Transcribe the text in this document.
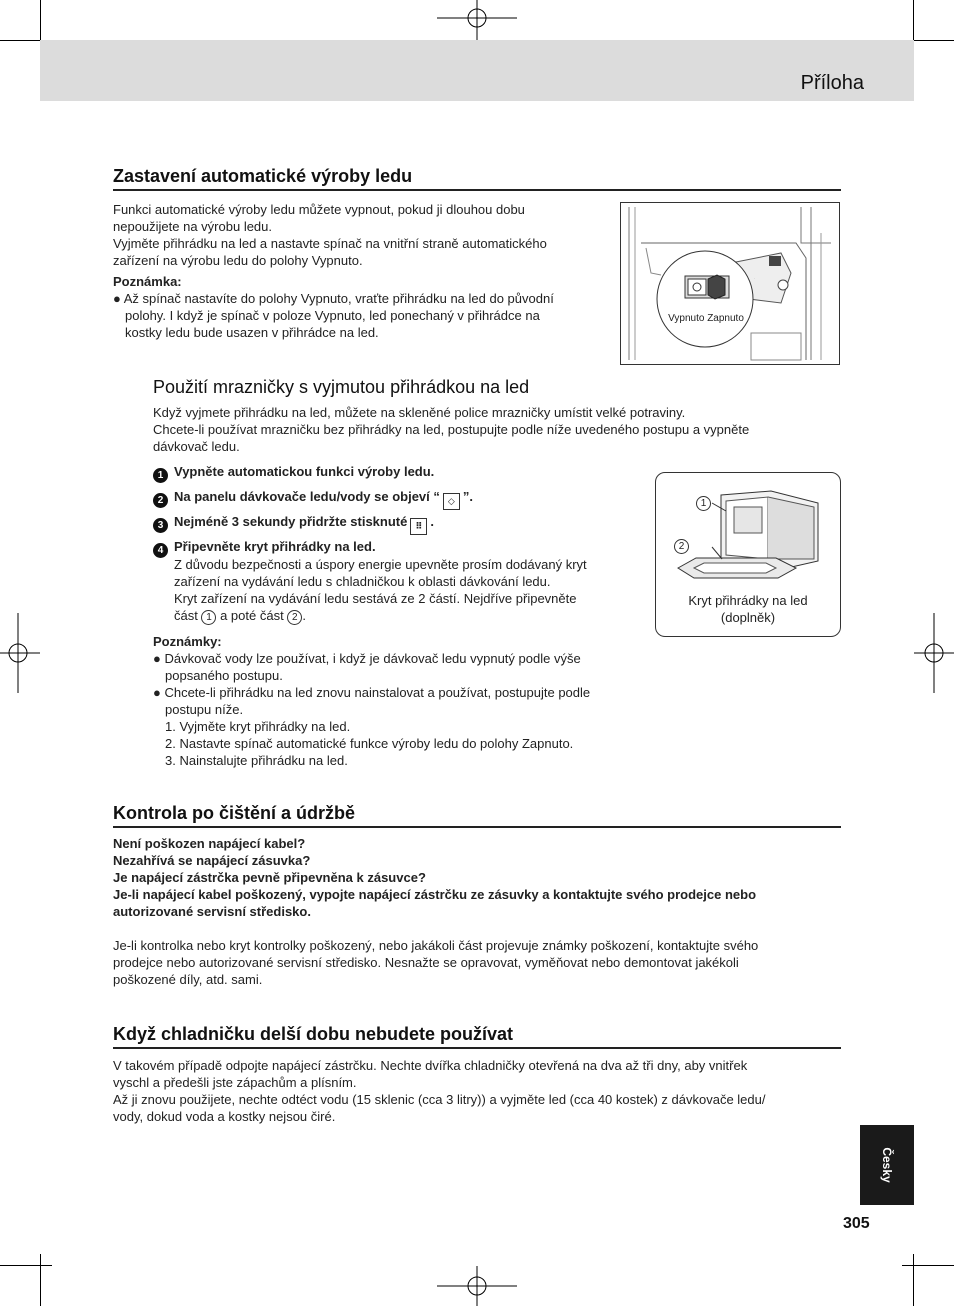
Příloha
Zastavení automatické výroby ledu
Funkci automatické výroby ledu můžete vypnout, pokud ji dlouhou dobu
nepoužijete na výrobu ledu.
Vyjměte přihrádku na led a nastavte spínač na vnitřní straně automatického
zařízení na výrobu ledu do polohy Vypnuto.
Poznámka:
● Až spínač nastavíte do polohy Vypnuto, vraťte přihrádku na led do původní
polohy. I když je spínač v poloze Vypnuto, led ponechaný v přihrádce na
kostky ledu bude usazen v přihrádce na led.
Vypnuto Zapnuto
Použití mrazničky s vyjmutou přihrádkou na led
Když vyjmete přihrádku na led, můžete na skleněné police mrazničky umístit velké potraviny.
Chcete-li používat mrazničku bez přihrádky na led, postupujte podle níže uvedeného postupu a vypněte
dávkovač ledu.
1 Vypněte automatickou funkci výroby ledu.
2 Na panelu dávkovače ledu/vody se objeví “ ◇ ”.
3 Nejméně 3 sekundy přidržte stisknuté ⠿ .
4 Připevněte kryt přihrádky na led.
Z důvodu bezpečnosti a úspory energie upevněte prosím dodávaný kryt
zařízení na vydávání ledu s chladničkou k oblasti dávkování ledu.
Kryt zařízení na vydávání ledu sestává ze 2 částí. Nejdříve připevněte
část 1 a poté část 2 .
Poznámky:
● Dávkovač vody lze používat, i když je dávkovač ledu vypnutý podle výše
popsaného postupu.
● Chcete-li přihrádku na led znovu nainstalovat a používat, postupujte podle
postupu níže.
1. Vyjměte kryt přihrádky na led.
2. Nastavte spínač automatické funkce výroby ledu do polohy Zapnuto.
3. Nainstalujte přihrádku na led.
1
2
Kryt přihrádky na led
(doplněk)
Kontrola po čištění a údržbě
Není poškozen napájecí kabel?
Nezahřívá se napájecí zásuvka?
Je napájecí zástrčka pevně připevněna k zásuvce?
Je-li napájecí kabel poškozený, vypojte napájecí zástrčku ze zásuvky a kontaktujte svého prodejce nebo
autorizované servisní středisko.
Je-li kontrolka nebo kryt kontrolky poškozený, nebo jakákoli část projevuje známky poškození, kontaktujte svého
prodejce nebo autorizované servisní středisko. Nesnažte se opravovat, vyměňovat nebo demontovat jakékoli
poškozené díly, atd. sami.
Když chladničku delší dobu nebudete používat
V takovém případě odpojte napájecí zástrčku. Nechte dvířka chladničky otevřená na dva až tři dny, aby vnitřek
vyschl a předešli jste zápachům a plísním.
Až ji znovu použijete, nechte odtéct vodu (15 sklenic (cca 3 litry)) a vyjměte led (cca 40 kostek) z dávkovače ledu/
vody, dokud voda a kostky nejsou čiré.
Česky
305
